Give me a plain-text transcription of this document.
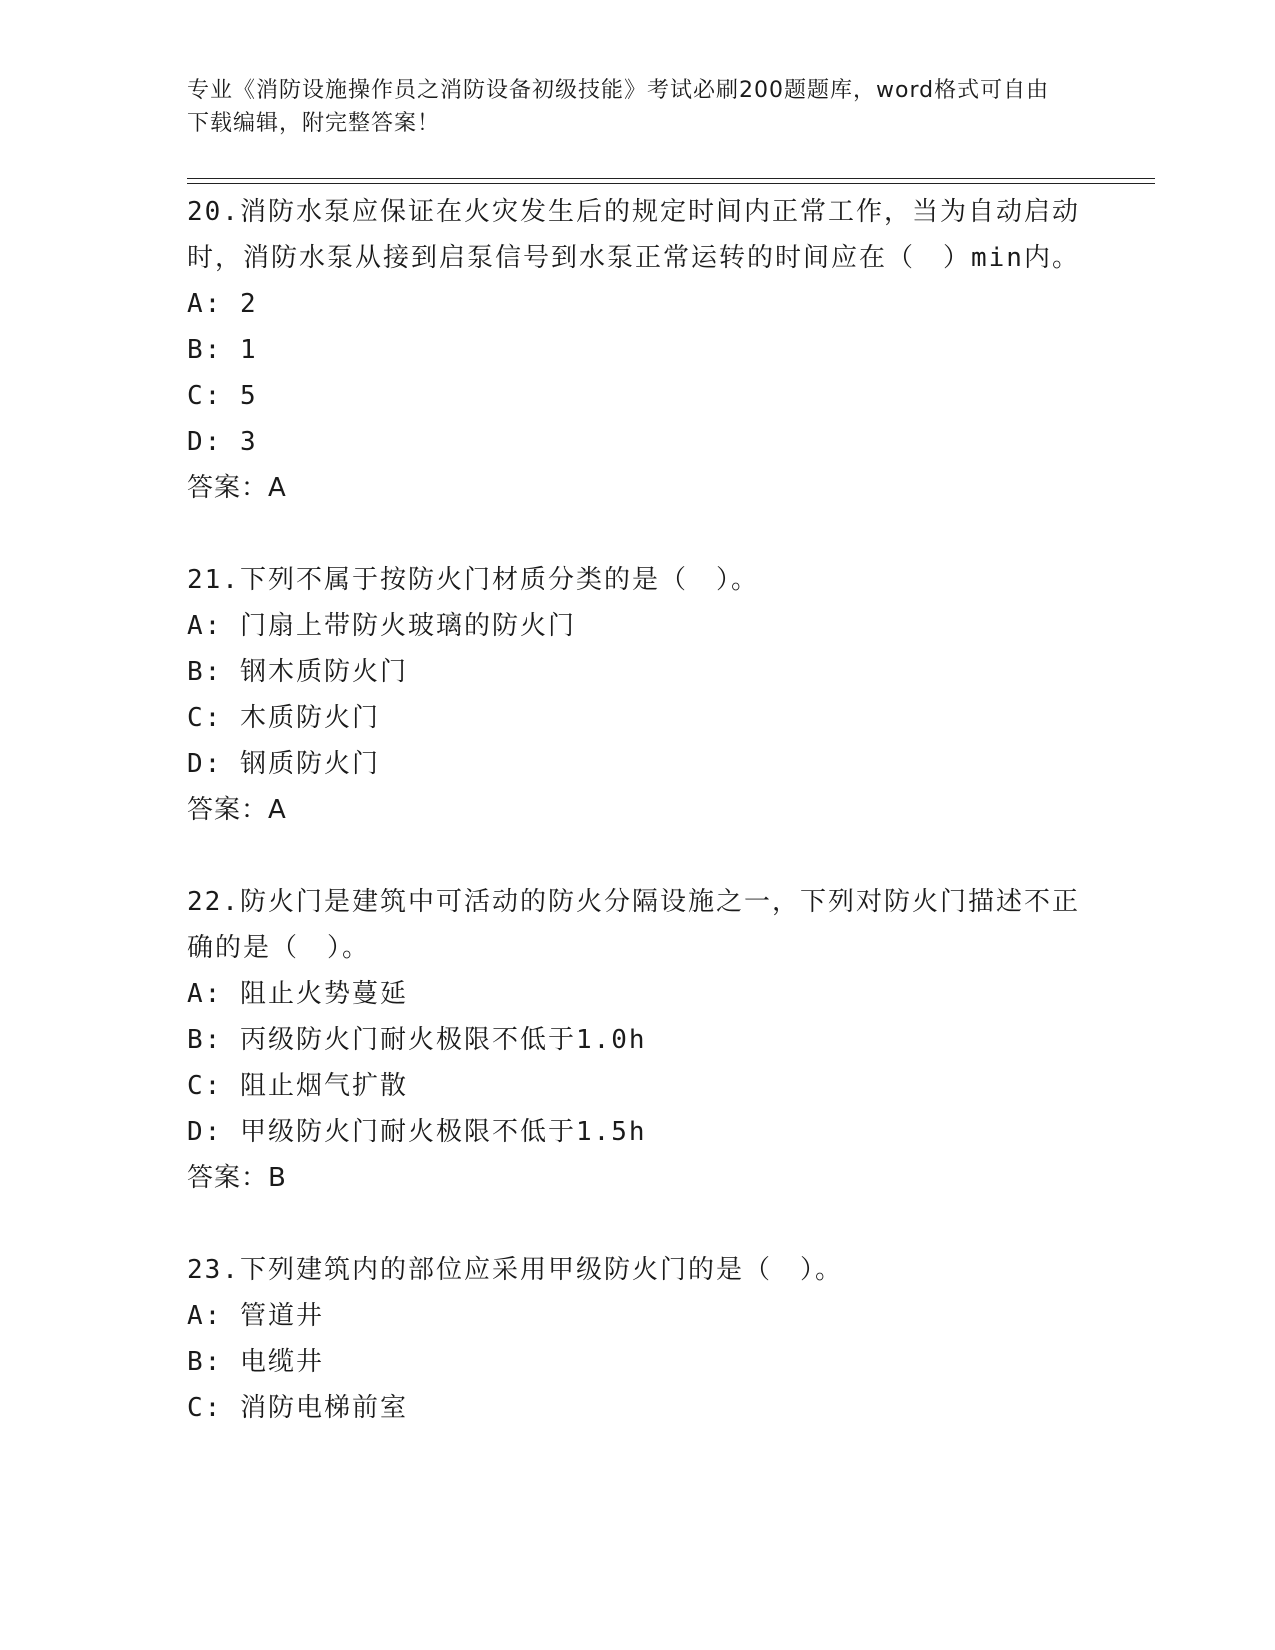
专业《消防设施操作员之消防设备初级技能》考试必刷200题题库，word格式可自由下载编辑，附完整答案！

20.消防水泵应保证在火灾发生后的规定时间内正常工作，当为自动启动时，消防水泵从接到启泵信号到水泵正常运转的时间应在（　）min内。

A: 2

B: 1

C: 5

D: 3

答案：A

21.下列不属于按防火门材质分类的是（　）。

A: 门扇上带防火玻璃的防火门

B: 钢木质防火门

C: 木质防火门

D: 钢质防火门

答案：A

22.防火门是建筑中可活动的防火分隔设施之一，下列对防火门描述不正确的是（　）。

A: 阻止火势蔓延

B: 丙级防火门耐火极限不低于1.0h

C: 阻止烟气扩散

D: 甲级防火门耐火极限不低于1.5h

答案：B

23.下列建筑内的部位应采用甲级防火门的是（　）。

A: 管道井

B: 电缆井

C: 消防电梯前室
